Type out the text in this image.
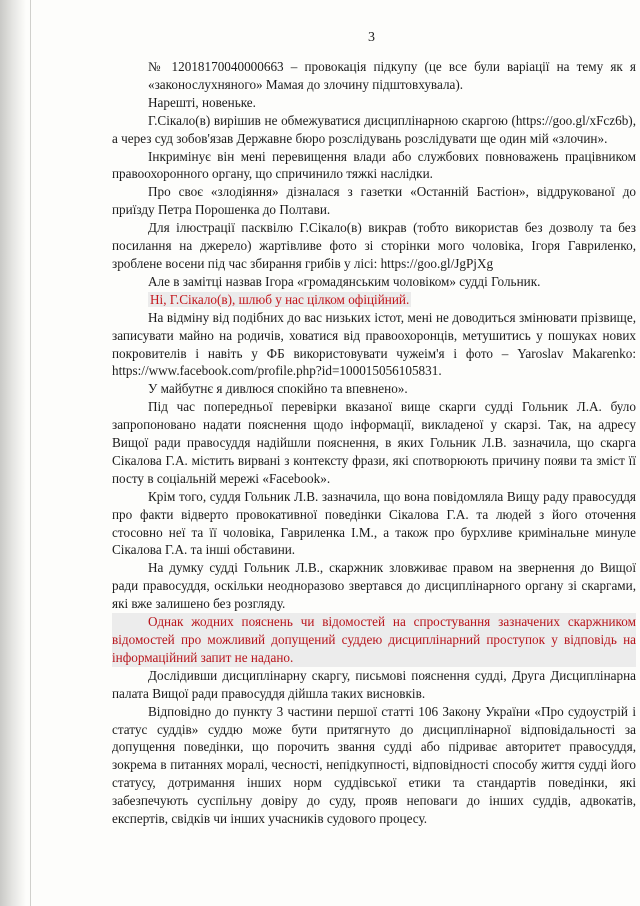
3

№ 12018170040000663 – провокація підкупу (це все були варіації на тему як я «законослухняного» Мамая до злочину підштовхувала).

Нарешті, новеньке.

Г.Сікало(в) вирішив не обмежуватися дисциплінарною скаргою (https://goo.gl/xFcz6b), а через суд зобов'язав Державне бюро розслідувань розслідувати ще один мій «злочин».

Інкримінує він мені перевищення влади або службових повноважень працівником правоохоронного органу, що спричинило тяжкі наслідки.

Про своє «злодіяння» дізналася з газетки «Останній Бастіон», віддрукованої до приїзду Петра Порошенка до Полтави.

Для ілюстрації пасквілю Г.Сікало(в) викрав (тобто використав без дозволу та без посилання на джерело) жартівливе фото зі сторінки мого чоловіка, Ігоря Гавриленко, зроблене восени під час збирання грибів у лісі: https://goo.gl/JgPjXg

Але в замітці назвав Ігора «громадянським чоловіком» судді Гольник.

Ні, Г.Сікало(в), шлюб у нас цілком офіційний.

На відміну від подібних до вас низьких істот, мені не доводиться змінювати прізвище, записувати майно на родичів, ховатися від правоохоронців, метушитись у пошуках нових покровителів і навіть у ФБ використовувати чужеім'я і фото – Yaroslav Makarenko: https://www.facebook.com/profile.php?id=100015056105831.

У майбутнє я дивлюся спокійно та впевнено».

Під час попередньої перевірки вказаної вище скарги судді Гольник Л.А. було запропоновано надати пояснення щодо інформації, викладеної у скарзі. Так, на адресу Вищої ради правосуддя надійшли пояснення, в яких Гольник Л.В. зазначила, що скарга Сікалова Г.А. містить вирвані з контексту фрази, які спотворюють причину появи та зміст її посту в соціальній мережі «Facebook».

Крім того, суддя Гольник Л.В. зазначила, що вона повідомляла Вищу раду правосуддя про факти відверто провокативної поведінки Сікалова Г.А. та людей з його оточення стосовно неї та її чоловіка, Гавриленка І.М., а також про бурхливе кримінальне минуле Сікалова Г.А. та інші обставини.

На думку судді Гольник Л.В., скаржник зловживає правом на звернення до Вищої ради правосуддя, оскільки неодноразово звертався до дисциплінарного органу зі скаргами, які вже залишено без розгляду.

Однак жодних пояснень чи відомостей на спростування зазначених скаржником відомостей про можливий допущений суддею дисциплінарний проступок у відповідь на інформаційний запит не надано.

Дослідивши дисциплінарну скаргу, письмові пояснення судді, Друга Дисциплінарна палата Вищої ради правосуддя дійшла таких висновків.

Відповідно до пункту 3 частини першої статті 106 Закону України «Про судоустрій і статус суддів» суддю може бути притягнуто до дисциплінарної відповідальності за допущення поведінки, що порочить звання судді або підриває авторитет правосуддя, зокрема в питаннях моралі, чесності, непідкупності, відповідності способу життя судді його статусу, дотримання інших норм суддівської етики та стандартів поведінки, які забезпечують суспільну довіру до суду, прояв неповаги до інших суддів, адвокатів, експертів, свідків чи інших учасників судового процесу.
